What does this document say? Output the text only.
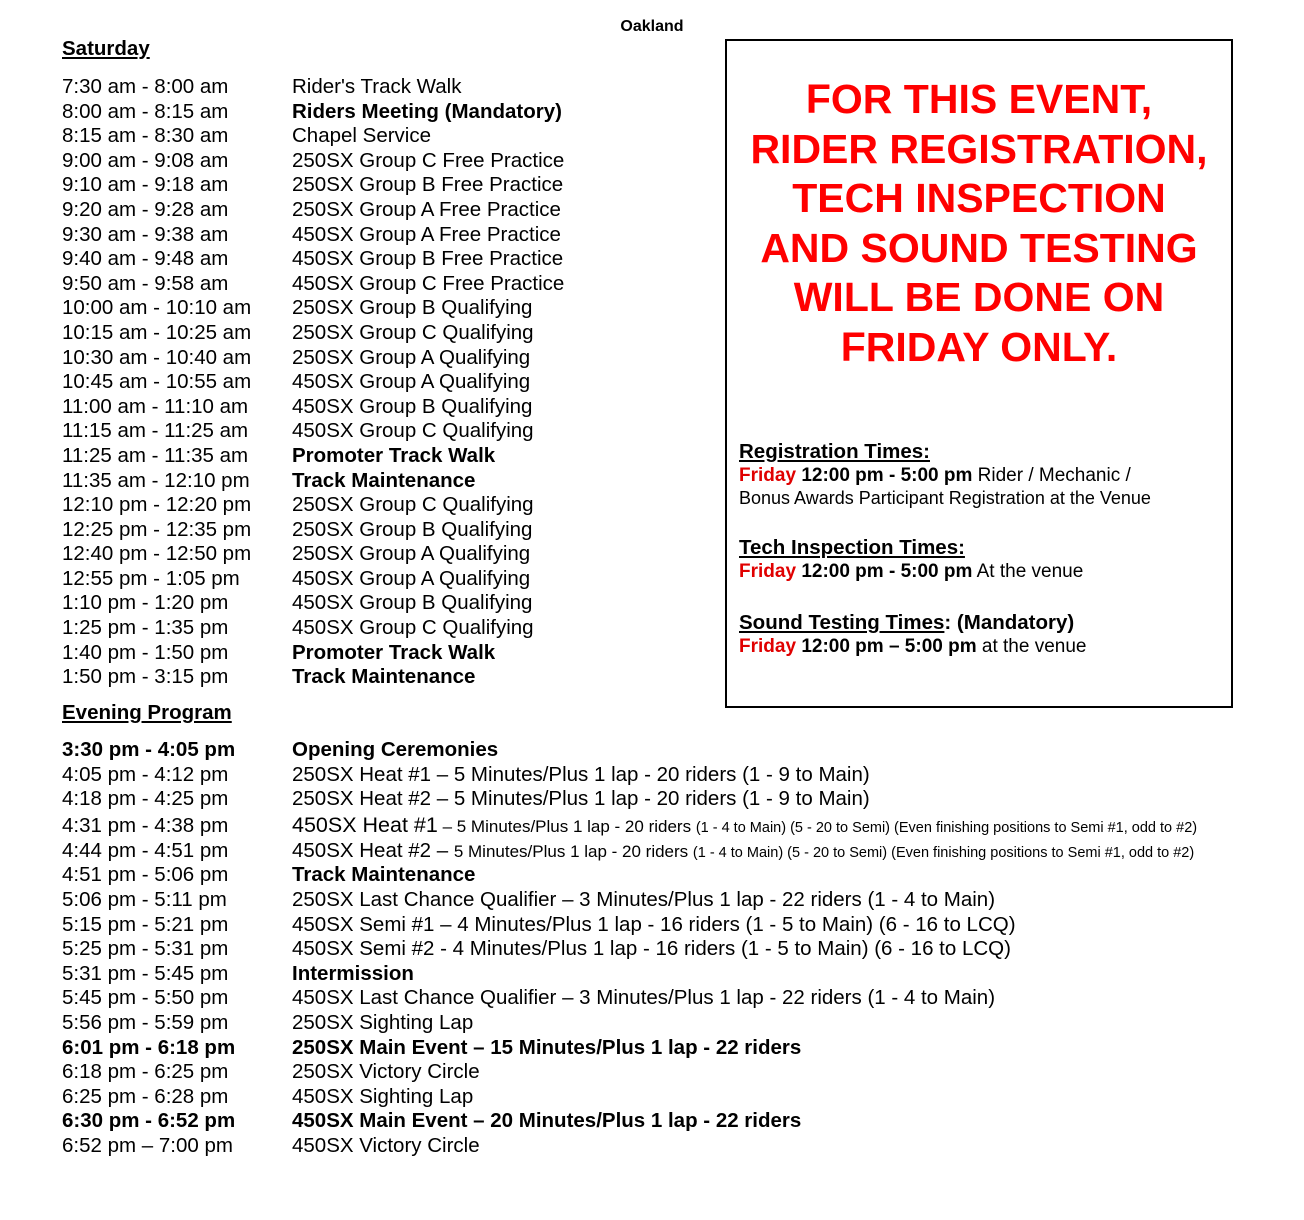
Oakland
Saturday
7:30 am - 8:00 am	Rider's Track Walk
8:00 am - 8:15 am	Riders Meeting (Mandatory)
8:15 am - 8:30 am	Chapel Service
9:00 am - 9:08 am	250SX Group C Free Practice
9:10 am - 9:18 am	250SX Group B Free Practice
9:20 am - 9:28 am	250SX Group A Free Practice
9:30 am - 9:38 am	450SX Group A Free Practice
9:40 am - 9:48 am	450SX Group B Free Practice
9:50 am - 9:58 am	450SX Group C Free Practice
10:00 am - 10:10 am 250SX Group B Qualifying
10:15 am - 10:25 am 250SX Group C Qualifying
10:30 am - 10:40 am 250SX Group A Qualifying
10:45 am - 10:55 am 450SX Group A Qualifying
11:00 am - 11:10 am 450SX Group B Qualifying
11:15 am - 11:25 am 450SX Group C Qualifying
11:25 am - 11:35 am Promoter Track Walk
11:35 am - 12:10 pm Track Maintenance
12:10 pm - 12:20 pm 250SX Group C Qualifying
12:25 pm - 12:35 pm 250SX Group B Qualifying
12:40 pm - 12:50 pm 250SX Group A Qualifying
12:55 pm - 1:05 pm	450SX Group A Qualifying
1:10 pm - 1:20 pm	450SX Group B Qualifying
1:25 pm - 1:35 pm	450SX Group C Qualifying
1:40 pm - 1:50 pm	Promoter Track Walk
1:50 pm - 3:15 pm	Track Maintenance
Evening Program
3:30 pm - 4:05 pm	Opening Ceremonies
4:05 pm - 4:12 pm	250SX Heat #1 – 5 Minutes/Plus 1 lap - 20 riders (1 - 9 to Main)
4:18 pm - 4:25 pm	250SX Heat #2 – 5 Minutes/Plus 1 lap - 20 riders (1 - 9 to Main)
4:31 pm - 4:38 pm	450SX Heat #1 – 5 Minutes/Plus 1 lap - 20 riders (1 - 4 to Main) (5 - 20 to Semi) (Even finishing positions to Semi #1, odd to #2)
4:44 pm - 4:51 pm	450SX Heat #2 – 5 Minutes/Plus 1 lap - 20 riders (1 - 4 to Main) (5 - 20 to Semi) (Even finishing positions to Semi #1, odd to #2)
4:51 pm - 5:06 pm	Track Maintenance
5:06 pm - 5:11 pm	250SX Last Chance Qualifier – 3 Minutes/Plus 1 lap - 22 riders (1 - 4 to Main)
5:15 pm - 5:21 pm	450SX Semi #1 – 4 Minutes/Plus 1 lap - 16 riders (1 - 5 to Main) (6 - 16 to LCQ)
5:25 pm - 5:31 pm	450SX Semi #2 - 4 Minutes/Plus 1 lap - 16 riders (1 - 5 to Main) (6 - 16 to LCQ)
5:31 pm - 5:45 pm	Intermission
5:45 pm - 5:50 pm	450SX Last Chance Qualifier – 3 Minutes/Plus 1 lap - 22 riders (1 - 4 to Main)
5:56 pm - 5:59 pm	250SX Sighting Lap
6:01 pm - 6:18 pm	250SX Main Event – 15 Minutes/Plus 1 lap - 22 riders
6:18 pm - 6:25 pm	250SX Victory Circle
6:25 pm - 6:28 pm	450SX Sighting Lap
6:30 pm - 6:52 pm	450SX Main Event – 20 Minutes/Plus 1 lap - 22 riders
6:52 pm – 7:00 pm	450SX Victory Circle
FOR THIS EVENT,
RIDER REGISTRATION,
TECH INSPECTION
AND SOUND TESTING
WILL BE DONE ON
FRIDAY ONLY.
Registration Times:
Friday 12:00 pm - 5:00 pm Rider / Mechanic /
Bonus Awards Participant Registration at the Venue
Tech Inspection Times:
Friday 12:00 pm - 5:00 pm At the venue
Sound Testing Times: (Mandatory)
Friday 12:00 pm – 5:00 pm at the venue
